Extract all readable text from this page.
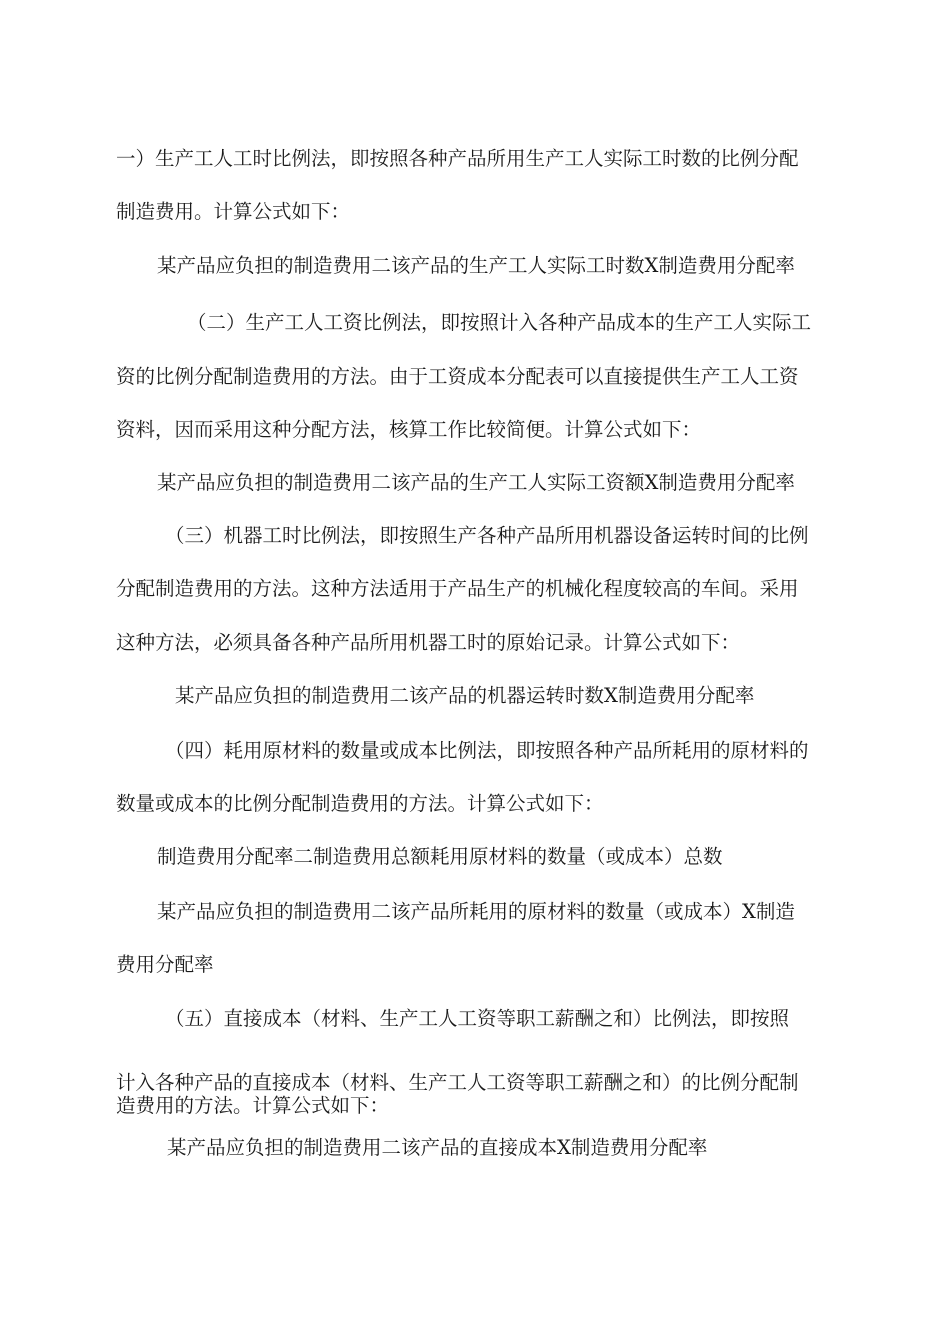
一）生产工人工时比例法，即按照各种产品所用生产工人实际工时数的比例分配

制造费用。计算公式如下：

某产品应负担的制造费用二该产品的生产工人实际工时数X制造费用分配率

（二）生产工人工资比例法，即按照计入各种产品成本的生产工人实际工

资的比例分配制造费用的方法。由于工资成本分配表可以直接提供生产工人工资

资料，因而采用这种分配方法，核算工作比较简便。计算公式如下：

某产品应负担的制造费用二该产品的生产工人实际工资额X制造费用分配率

（三）机器工时比例法，即按照生产各种产品所用机器设备运转时间的比例

分配制造费用的方法。这种方法适用于产品生产的机械化程度较高的车间。采用

这种方法，必须具备各种产品所用机器工时的原始记录。计算公式如下：

某产品应负担的制造费用二该产品的机器运转时数X制造费用分配率

（四）耗用原材料的数量或成本比例法，即按照各种产品所耗用的原材料的

数量或成本的比例分配制造费用的方法。计算公式如下：

制造费用分配率二制造费用总额耗用原材料的数量（或成本）总数

某产品应负担的制造费用二该产品所耗用的原材料的数量（或成本）X制造

费用分配率

（五）直接成本（材料、生产工人工资等职工薪酬之和）比例法，即按照

计入各种产品的直接成本（材料、生产工人工资等职工薪酬之和）的比例分配制

造费用的方法。计算公式如下：

某产品应负担的制造费用二该产品的直接成本X制造费用分配率
